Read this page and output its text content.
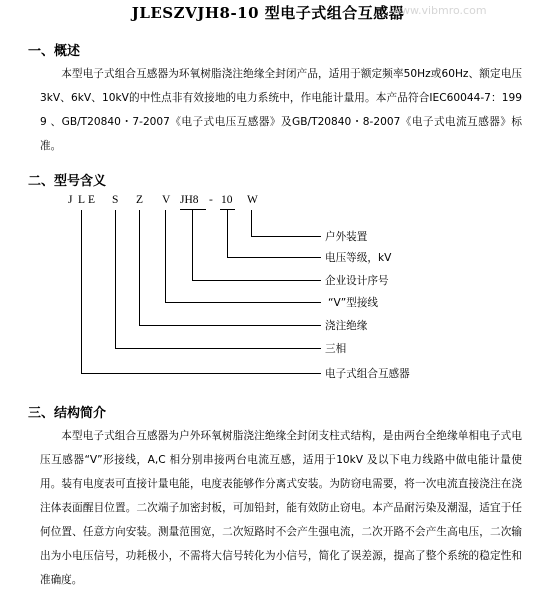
JLESZVJH8-10 型电子式组合互感器
www.vibmro.com
一、概述
本型电子式组合互感器为环氧树脂浇注绝缘全封闭产品，适用于额定频率50Hz或60Hz、额定电压3kV、6kV、10kV的中性点非有效接地的电力系统中，作电能计量用。本产品符合IEC60044-7：1999 、GB/T20840・7-2007《电子式电压互感器》及GB/T20840・8-2007《电子式电流互感器》标准。
二、型号含义
J L E S Z V JH8 - 10 W
户外装置
电压等级，kV
企业设计序号
“V”型接线
浇注绝缘
三相
电子式组合互感器
三、结构简介
本型电子式组合互感器为户外环氧树脂浇注绝缘全封闭支柱式结构，是由两台全绝缘单相电子式电压互感器“V”形接线，A,C 相分别串接两台电流互感，适用于10kV 及以下电力线路中做电能计量使用。装有电度表可直接计量电能，电度表能够作分离式安装。为防窃电需要，将一次电流直接浇注在浇注体表面醒目位置。二次端子加密封板，可加铅封，能有效防止窃电。本产品耐污染及潮湿，适宜于任何位置、任意方向安装。测量范围宽，二次短路时不会产生强电流，二次开路不会产生高电压，二次输出为小电压信号，功耗极小，不需将大信号转化为小信号，简化了误差源，提高了整个系统的稳定性和准确度。
